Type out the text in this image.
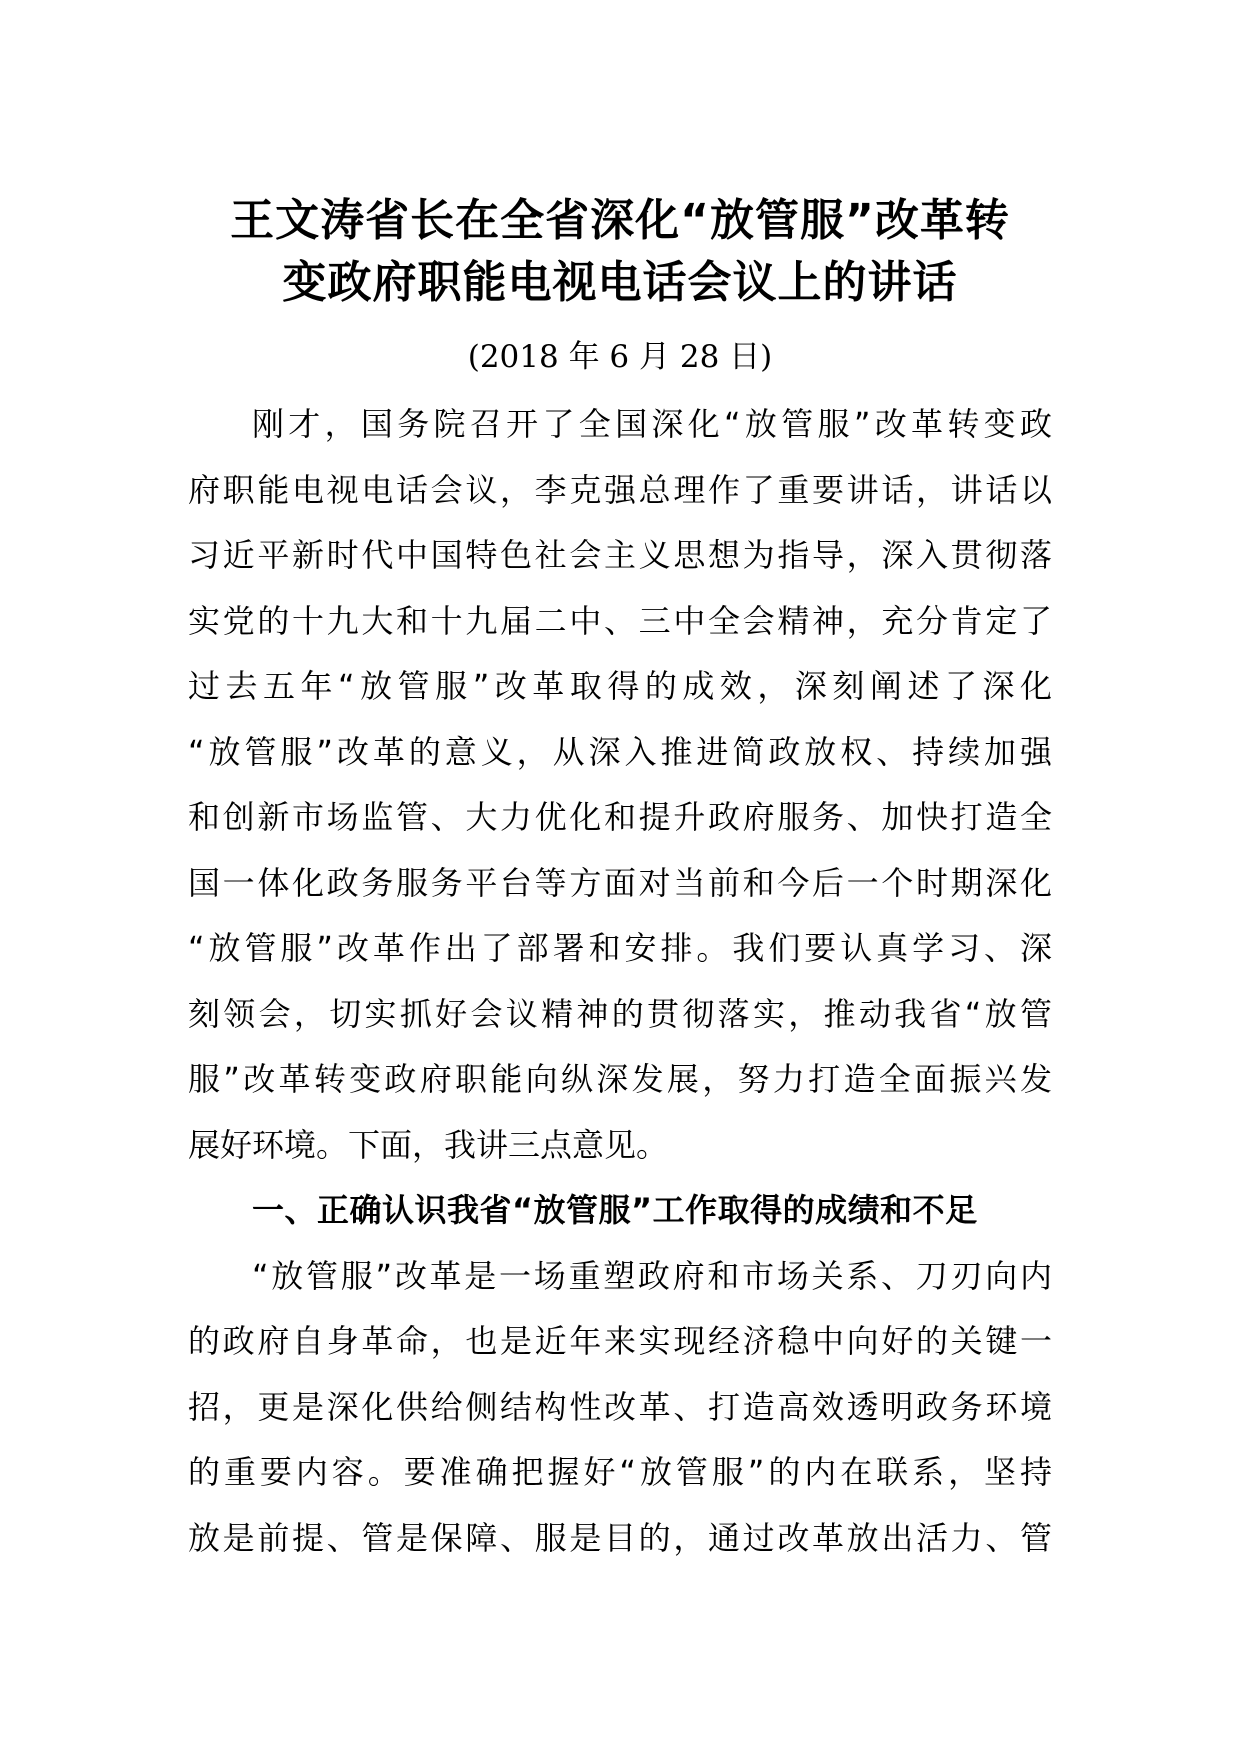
王文涛省长在全省深化“放管服”改革转
变政府职能电视电话会议上的讲话
(2018 年 6 月 28 日)
刚才，国务院召开了全国深化“放管服”改革转变政
府职能电视电话会议，李克强总理作了重要讲话，讲话以
习近平新时代中国特色社会主义思想为指导，深入贯彻落
实党的十九大和十九届二中、三中全会精神，充分肯定了
过去五年“放管服”改革取得的成效，深刻阐述了深化
“放管服”改革的意义，从深入推进简政放权、持续加强
和创新市场监管、大力优化和提升政府服务、加快打造全
国一体化政务服务平台等方面对当前和今后一个时期深化
“放管服”改革作出了部署和安排。我们要认真学习、深
刻领会，切实抓好会议精神的贯彻落实，推动我省“放管
服”改革转变政府职能向纵深发展，努力打造全面振兴发
展好环境。下面，我讲三点意见。
一、正确认识我省“放管服”工作取得的成绩和不足
“放管服”改革是一场重塑政府和市场关系、刀刃向内
的政府自身革命，也是近年来实现经济稳中向好的关键一
招，更是深化供给侧结构性改革、打造高效透明政务环境
的重要内容。要准确把握好“放管服”的内在联系，坚持
放是前提、管是保障、服是目的，通过改革放出活力、管
